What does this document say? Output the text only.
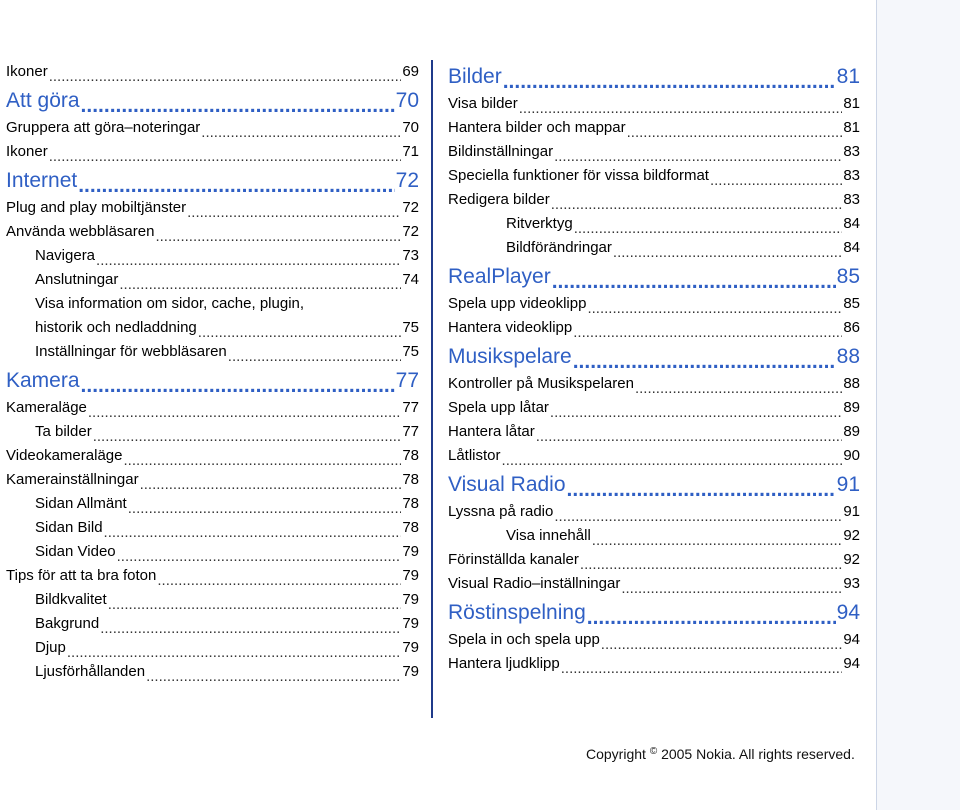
Ikoner .....	69
Att göra .....	70
Gruppera att göra–noteringar .....	70
Ikoner .....	71
Internet .....	72
Plug and play mobiltjänster .....	72
Använda webbläsaren .....	72
Navigera .....	73
Anslutningar .....	74
Visa information om sidor, cache, plugin,
historik och nedladdning .....	75
Inställningar för webbläsaren .....	75
Kamera .....	77
Kameraläge .....	77
Ta bilder .....	77
Videokameraläge .....	78
Kamerainställningar .....	78
Sidan Allmänt .....	78
Sidan Bild .....	78
Sidan Video .....	79
Tips för att ta bra foton .....	79
Bildkvalitet .....	79
Bakgrund .....	79
Djup .....	79
Ljusförhållanden .....	79
Bilder .....	81
Visa bilder .....	81
Hantera bilder och mappar .....	81
Bildinställningar .....	83
Speciella funktioner för vissa bildformat .....	83
Redigera bilder .....	83
Ritverktyg .....	84
Bildförändringar .....	84
RealPlayer .....	85
Spela upp videoklipp .....	85
Hantera videoklipp .....	86
Musikspelare .....	88
Kontroller på Musikspelaren .....	88
Spela upp låtar .....	89
Hantera låtar .....	89
Låtlistor .....	90
Visual Radio .....	91
Lyssna på radio .....	91
Visa innehåll .....	92
Förinställda kanaler .....	92
Visual Radio–inställningar .....	93
Röstinspelning .....	94
Spela in och spela upp .....	94
Hantera ljudklipp .....	94
Copyright © 2005 Nokia. All rights reserved.
